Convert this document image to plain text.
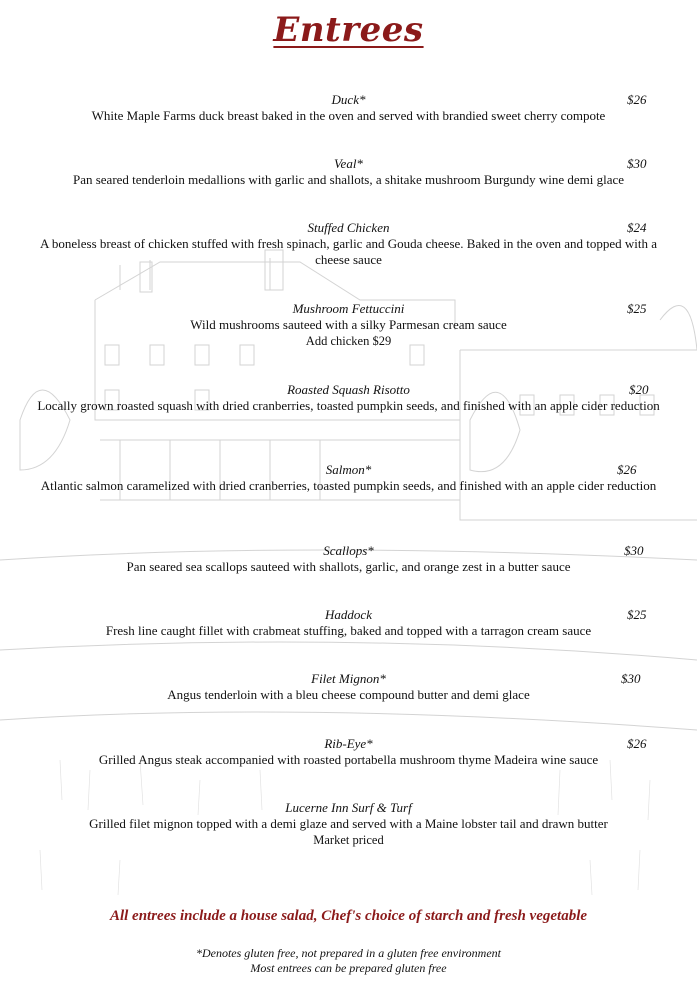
Entrees
Duck*	$26
White Maple Farms duck breast baked in the oven and served with brandied sweet cherry compote
Veal*	$30
Pan seared tenderloin medallions with garlic and shallots, a shitake mushroom Burgundy wine demi glace
Stuffed Chicken	$24
A boneless breast of chicken stuffed with fresh spinach, garlic and Gouda cheese. Baked in the oven and topped with a cheese sauce
Mushroom Fettuccini	$25
Wild mushrooms sauteed with a silky Parmesan cream sauce
Add chicken $29
Roasted Squash Risotto	$20
Locally grown roasted squash with dried cranberries, toasted pumpkin seeds, and finished with an apple cider reduction
Salmon*	$26
Atlantic salmon caramelized with dried cranberries, toasted pumpkin seeds, and finished with an apple cider reduction
Scallops*	$30
Pan seared sea scallops sauteed with shallots, garlic, and orange zest in a butter sauce
Haddock	$25
Fresh line caught fillet with crabmeat stuffing, baked and topped with a tarragon cream sauce
Filet Mignon*	$30
Angus tenderloin with a bleu cheese compound butter and demi glace
Rib-Eye*	$26
Grilled Angus steak accompanied with roasted portabella mushroom thyme Madeira wine sauce
Lucerne Inn Surf & Turf
Grilled filet mignon topped with a demi glaze and served with a Maine lobster tail and drawn butter
Market priced
All entrees include a house salad, Chef's choice of starch and fresh vegetable
*Denotes gluten free, not prepared in a gluten free environment
Most entrees can be prepared gluten free
